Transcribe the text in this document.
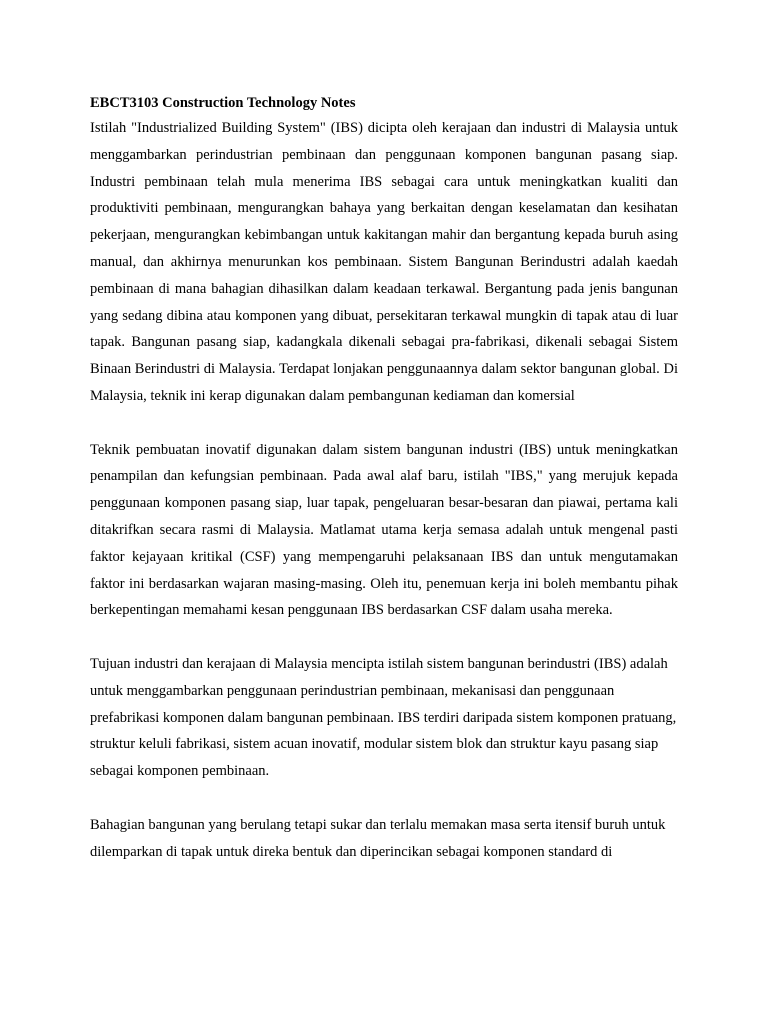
EBCT3103 Construction Technology Notes

Istilah "Industrialized Building System" (IBS) dicipta oleh kerajaan dan industri di Malaysia untuk menggambarkan perindustrian pembinaan dan penggunaan komponen bangunan pasang siap. Industri pembinaan telah mula menerima IBS sebagai cara untuk meningkatkan kualiti dan produktiviti pembinaan, mengurangkan bahaya yang berkaitan dengan keselamatan dan kesihatan pekerjaan, mengurangkan kebimbangan untuk kakitangan mahir dan bergantung kepada buruh asing manual, dan akhirnya menurunkan kos pembinaan. Sistem Bangunan Berindustri adalah kaedah pembinaan di mana bahagian dihasilkan dalam keadaan terkawal. Bergantung pada jenis bangunan yang sedang dibina atau komponen yang dibuat, persekitaran terkawal mungkin di tapak atau di luar tapak. Bangunan pasang siap, kadangkala dikenali sebagai pra-fabrikasi, dikenali sebagai Sistem Binaan Berindustri di Malaysia. Terdapat lonjakan penggunaannya dalam sektor bangunan global. Di Malaysia, teknik ini kerap digunakan dalam pembangunan kediaman dan komersial

Teknik pembuatan inovatif digunakan dalam sistem bangunan industri (IBS) untuk meningkatkan penampilan dan kefungsian pembinaan. Pada awal alaf baru, istilah "IBS," yang merujuk kepada penggunaan komponen pasang siap, luar tapak, pengeluaran besar-besaran dan piawai, pertama kali ditakrifkan secara rasmi di Malaysia. Matlamat utama kerja semasa adalah untuk mengenal pasti faktor kejayaan kritikal (CSF) yang mempengaruhi pelaksanaan IBS dan untuk mengutamakan faktor ini berdasarkan wajaran masing-masing. Oleh itu, penemuan kerja ini boleh membantu pihak berkepentingan memahami kesan penggunaan IBS berdasarkan CSF dalam usaha mereka.

Tujuan industri dan kerajaan di Malaysia mencipta istilah sistem bangunan berindustri (IBS) adalah untuk menggambarkan penggunaan perindustrian pembinaan, mekanisasi dan penggunaan prefabrikasi komponen dalam bangunan pembinaan. IBS terdiri daripada sistem komponen pratuang, struktur keluli fabrikasi, sistem acuan inovatif, modular sistem blok dan struktur kayu pasang siap sebagai komponen pembinaan.

Bahagian bangunan yang berulang tetapi sukar dan terlalu memakan masa serta itensif buruh untuk dilemparkan di tapak untuk direka bentuk dan diperincikan sebagai komponen standard di
